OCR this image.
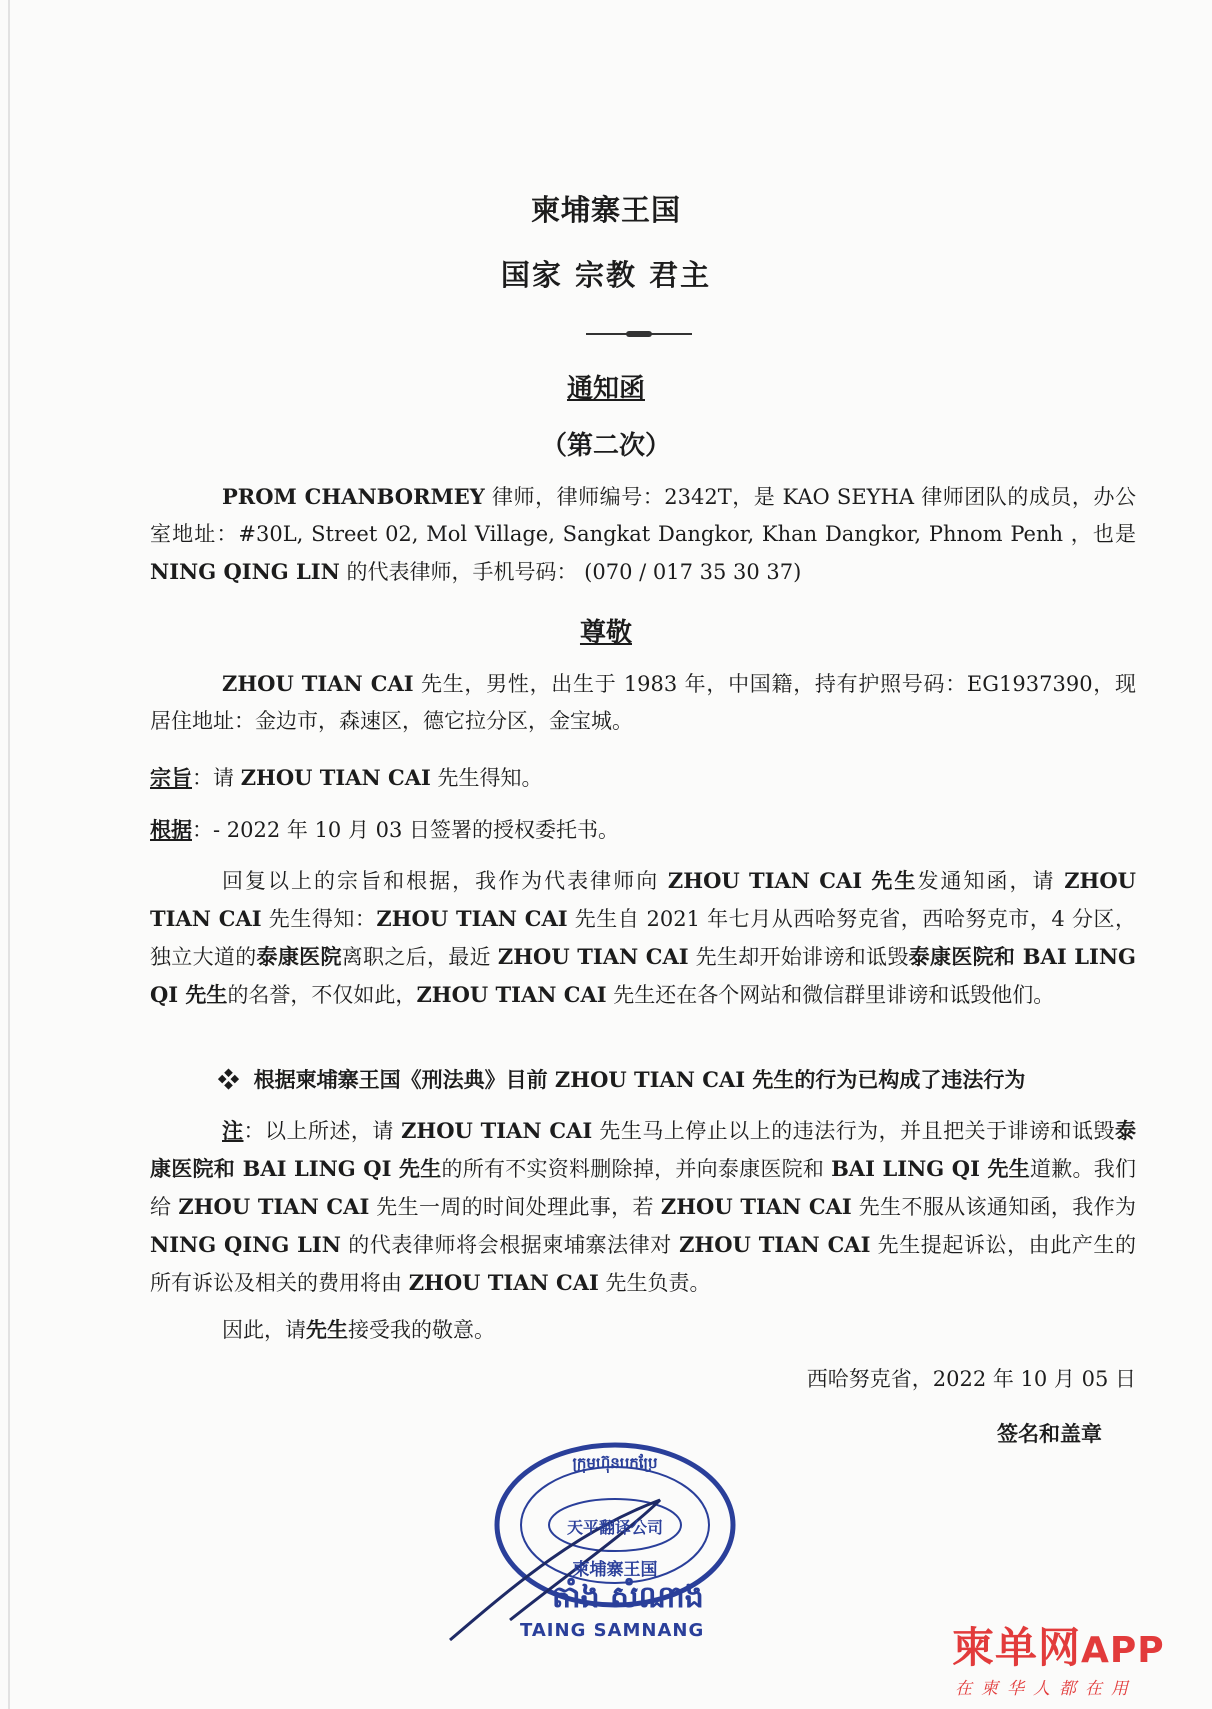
柬埔寨王国
国家 宗教 君主
通知函
（第二次）

PROM CHANBORMEY 律师，律师编号：2342T，是 KAO SEYHA 律师团队的成员，办公室地址：#30L, Street 02, Mol Village, Sangkat Dangkor, Khan Dangkor, Phnom Penh ，也是 NING QING LIN 的代表律师，手机号码： (070 / 017 35 30 37)

尊敬

ZHOU TIAN CAI 先生，男性，出生于 1983 年，中国籍，持有护照号码：EG1937390，现居住地址：金边市，森速区，德它拉分区，金宝城。

宗旨：请 ZHOU TIAN CAI 先生得知。
根据：- 2022 年 10 月 03 日签署的授权委托书。

回复以上的宗旨和根据，我作为代表律师向 ZHOU TIAN CAI 先生发通知函，请 ZHOU TIAN CAI 先生得知：ZHOU TIAN CAI 先生自 2021 年七月从西哈努克省，西哈努克市，4 分区，独立大道的泰康医院离职之后，最近 ZHOU TIAN CAI 先生却开始诽谤和诋毁泰康医院和 BAI LING QI 先生的名誉，不仅如此，ZHOU TIAN CAI 先生还在各个网站和微信群里诽谤和诋毁他们。

❖ 根据柬埔寨王国《刑法典》目前 ZHOU TIAN CAI 先生的行为已构成了违法行为

注：以上所述，请 ZHOU TIAN CAI 先生马上停止以上的违法行为，并且把关于诽谤和诋毁泰康医院和 BAI LING QI 先生的所有不实资料删除掉，并向泰康医院和 BAI LING QI 先生道歉。我们给 ZHOU TIAN CAI 先生一周的时间处理此事，若 ZHOU TIAN CAI 先生不服从该通知函，我作为 NING QING LIN 的代表律师将会根据柬埔寨法律对 ZHOU TIAN CAI 先生提起诉讼，由此产生的所有诉讼及相关的费用将由 ZHOU TIAN CAI 先生负责。

因此，请先生接受我的敬意。

西哈努克省，2022 年 10 月 05 日
签名和盖章
ក្រុមហ៊ុនបកប្រែ
天平翻译公司
柬埔寨王国
តាំង សំណាង
TAING SAMNANG	柬单网APP
在柬华人都在用
